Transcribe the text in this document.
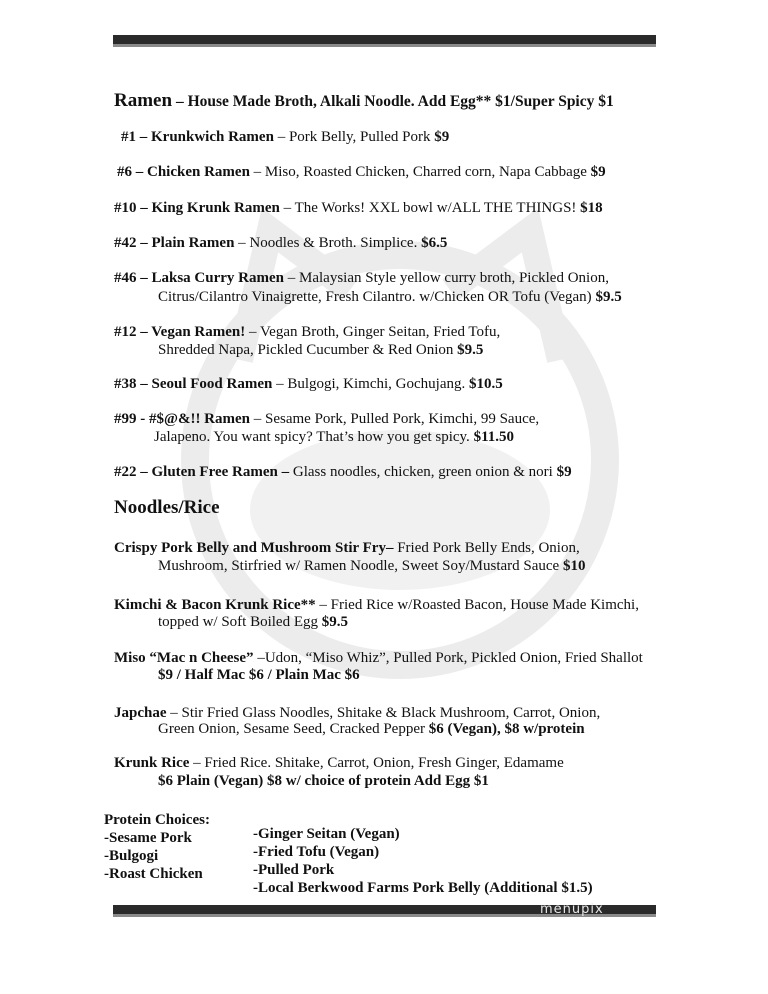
Ramen – House Made Broth, Alkali Noodle. Add Egg** $1/Super Spicy $1
#1 – Krunkwich Ramen – Pork Belly, Pulled Pork $9
#6 – Chicken Ramen – Miso, Roasted Chicken, Charred corn, Napa Cabbage $9
#10 – King Krunk Ramen – The Works! XXL bowl w/ALL THE THINGS! $18
#42 – Plain Ramen – Noodles & Broth. Simplice. $6.5
#46 – Laksa Curry Ramen – Malaysian Style yellow curry broth, Pickled Onion,
Citrus/Cilantro Vinaigrette, Fresh Cilantro. w/Chicken OR Tofu (Vegan) $9.5
#12 – Vegan Ramen! – Vegan Broth, Ginger Seitan, Fried Tofu,
Shredded Napa, Pickled Cucumber & Red Onion $9.5
#38 – Seoul Food Ramen – Bulgogi, Kimchi, Gochujang. $10.5
#99 - #$@&!! Ramen – Sesame Pork, Pulled Pork, Kimchi, 99 Sauce,
Jalapeno. You want spicy? That’s how you get spicy. $11.50
#22 – Gluten Free Ramen – Glass noodles, chicken, green onion & nori $9
Noodles/Rice
Crispy Pork Belly and Mushroom Stir Fry– Fried Pork Belly Ends, Onion,
Mushroom, Stirfried w/ Ramen Noodle, Sweet Soy/Mustard Sauce $10
Kimchi & Bacon Krunk Rice** – Fried Rice w/Roasted Bacon, House Made Kimchi,
topped w/ Soft Boiled Egg $9.5
Miso “Mac n Cheese” –Udon, “Miso Whiz”, Pulled Pork, Pickled Onion, Fried Shallot
$9 / Half Mac $6 / Plain Mac $6
Japchae – Stir Fried Glass Noodles, Shitake & Black Mushroom, Carrot, Onion,
Green Onion, Sesame Seed, Cracked Pepper $6 (Vegan), $8 w/protein
Krunk Rice – Fried Rice. Shitake, Carrot, Onion, Fresh Ginger, Edamame
$6 Plain (Vegan) $8 w/ choice of protein Add Egg $1
Protein Choices:
-Sesame Pork
-Bulgogi
-Roast Chicken
-Ginger Seitan (Vegan)
-Fried Tofu (Vegan)
-Pulled Pork
-Local Berkwood Farms Pork Belly (Additional $1.5)
menupix
